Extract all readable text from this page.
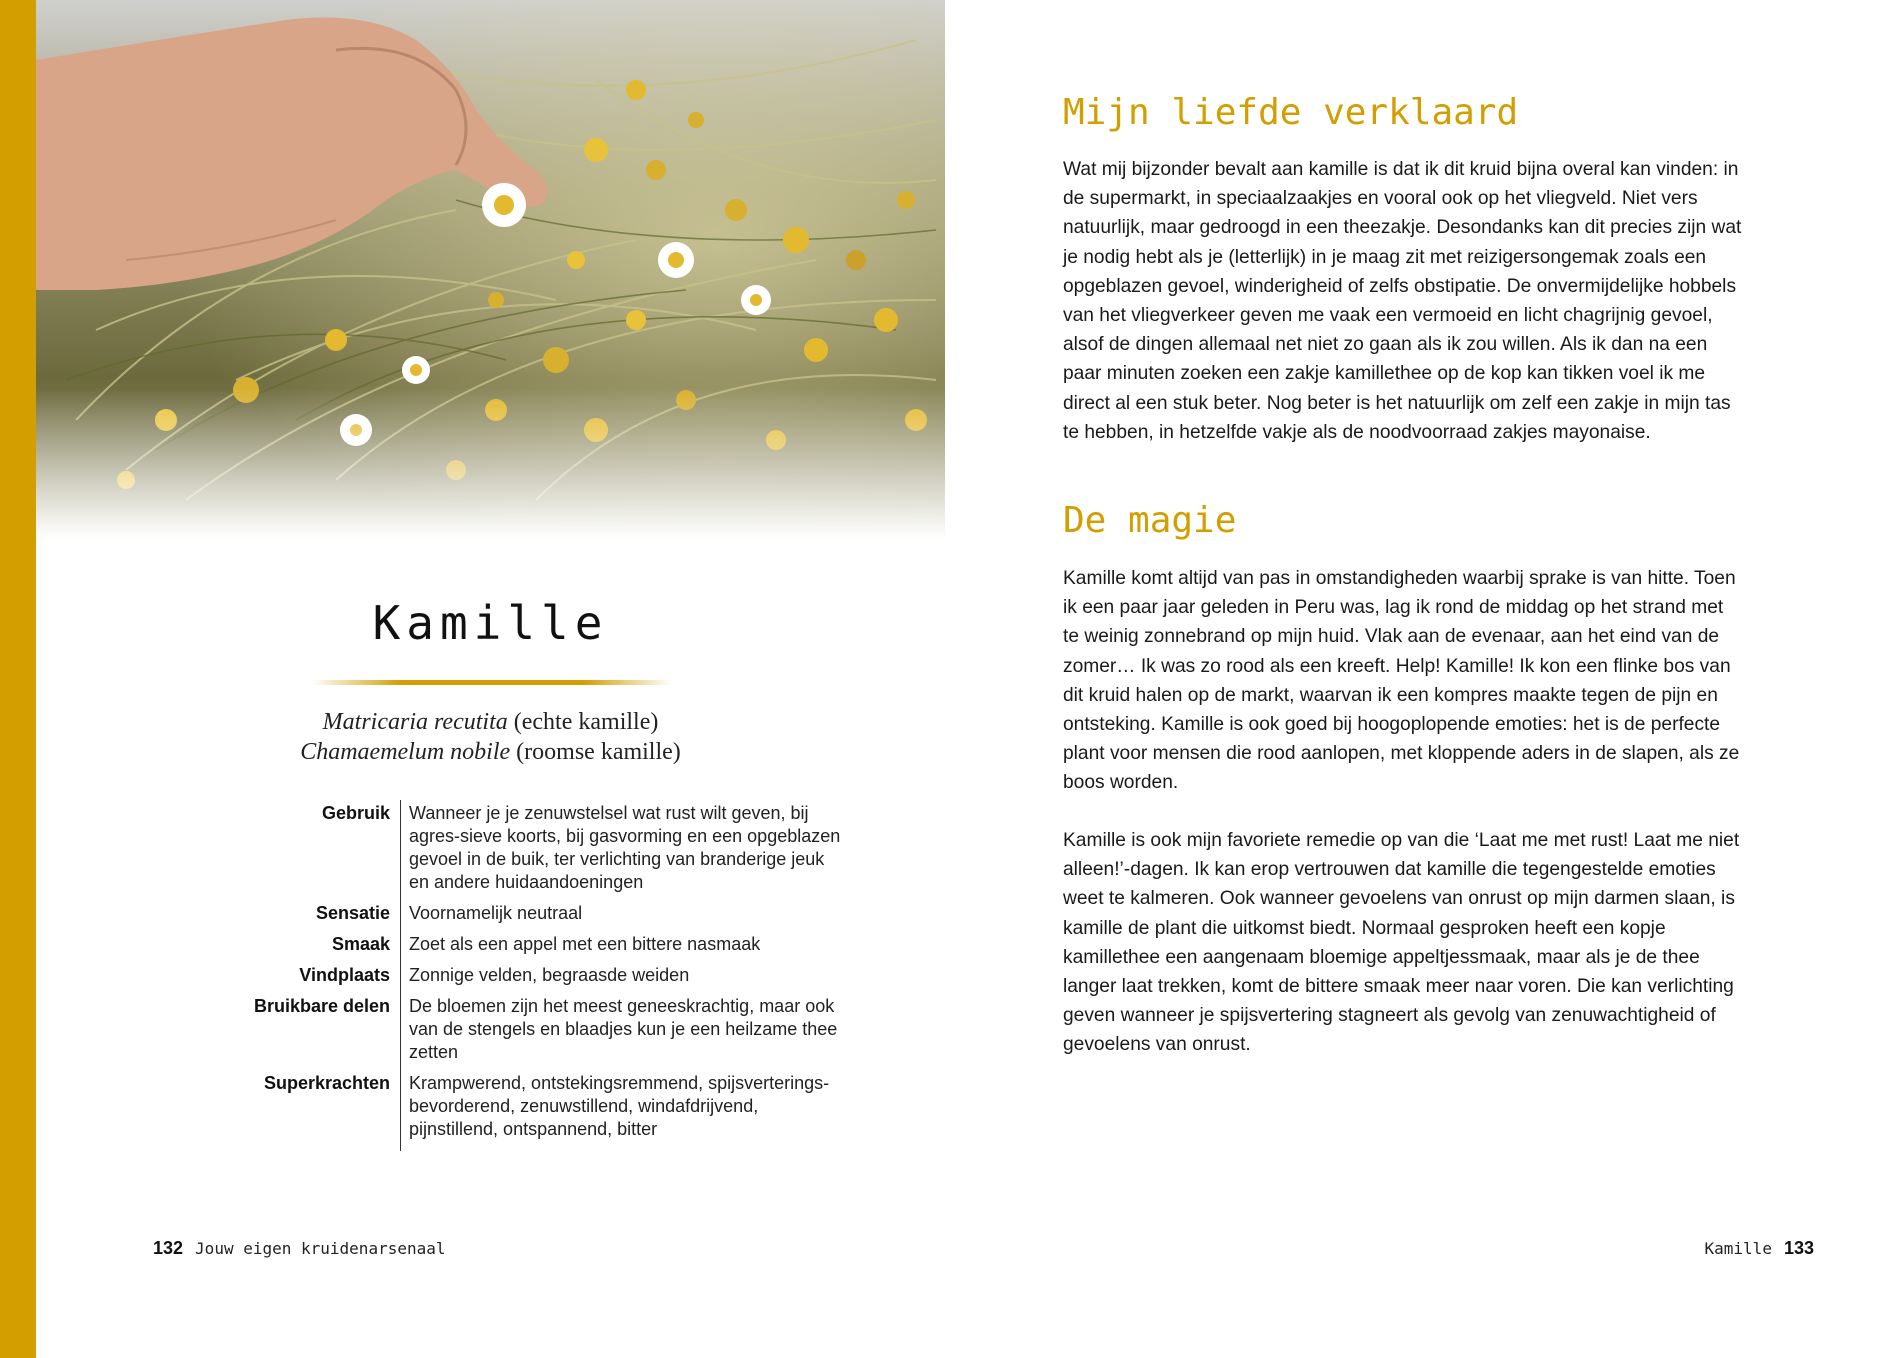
Kamille
Matricaria recutita (echte kamille)
Chamaemelum nobile (roomse kamille)
Gebruik	Wanneer je je zenuwstelsel wat rust wilt geven, bij agres-sieve koorts, bij gasvorming en een opgeblazen gevoel in de buik, ter verlichting van branderige jeuk en andere huidaandoeningen
Sensatie	Voornamelijk neutraal
Smaak	Zoet als een appel met een bittere nasmaak
Vindplaats	Zonnige velden, begraasde weiden
Bruikbare delen	De bloemen zijn het meest geneeskrachtig, maar ook van de stengels en blaadjes kun je een heilzame thee zetten
Superkrachten	Krampwerend, ontstekingsremmend, spijsverterings-bevorderend, zenuwstillend, windafdrijvend, pijnstillend, ontspannend, bitter
132 Jouw eigen kruidenarsenaal
Mijn liefde verklaard

Wat mij bijzonder bevalt aan kamille is dat ik dit kruid bijna overal kan vinden: in de supermarkt, in speciaalzaakjes en vooral ook op het vliegveld. Niet vers natuurlijk, maar gedroogd in een theezakje. Desondanks kan dit precies zijn wat je nodig hebt als je (letterlijk) in je maag zit met reizigersongemak zoals een opgeblazen gevoel, winderigheid of zelfs obstipatie. De onvermijdelijke hobbels van het vliegverkeer geven me vaak een vermoeid en licht chagrijnig gevoel, alsof de dingen allemaal net niet zo gaan als ik zou willen. Als ik dan na een paar minuten zoeken een zakje kamillethee op de kop kan tikken voel ik me direct al een stuk beter. Nog beter is het natuurlijk om zelf een zakje in mijn tas te hebben, in hetzelfde vakje als de noodvoorraad zakjes mayonaise.

De magie

Kamille komt altijd van pas in omstandigheden waarbij sprake is van hitte. Toen ik een paar jaar geleden in Peru was, lag ik rond de middag op het strand met te weinig zonnebrand op mijn huid. Vlak aan de evenaar, aan het eind van de zomer… Ik was zo rood als een kreeft. Help! Kamille! Ik kon een flinke bos van dit kruid halen op de markt, waarvan ik een kompres maakte tegen de pijn en ontsteking. Kamille is ook goed bij hoogoplopende emoties: het is de perfecte plant voor mensen die rood aanlopen, met kloppende aders in de slapen, als ze boos worden.

Kamille is ook mijn favoriete remedie op van die ‘Laat me met rust! Laat me niet alleen!’-dagen. Ik kan erop vertrouwen dat kamille die tegengestelde emoties weet te kalmeren. Ook wanneer gevoelens van onrust op mijn darmen slaan, is kamille de plant die uitkomst biedt. Normaal gesproken heeft een kopje kamillethee een aangenaam bloemige appeltjessmaak, maar als je de thee langer laat trekken, komt de bittere smaak meer naar voren. Die kan verlichting geven wanneer je spijsvertering stagneert als gevolg van zenuwachtigheid of gevoelens van onrust.

Kamille 133
